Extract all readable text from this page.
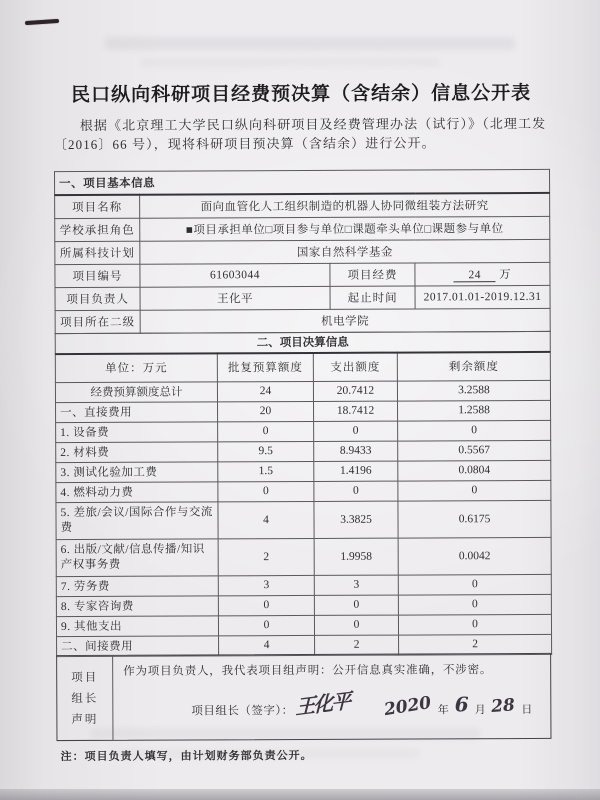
民口纵向科研项目经费预决算（含结余）信息公开表

根据《北京理工大学民口纵向科研项目及经费管理办法（试行）》（北理工发〔2016〕66 号），现将科研项目预决算（含结余）进行公开。

一、项目基本信息			
项目名称	面向血管化人工组织制造的机器人协同微组装方法研究		
学校承担角色	■项目承担单位□项目参与单位□课题牵头单位□课题参与单位		
所属科技计划	国家自然科学基金		
项目编号	61603044	项目经费	24 万
项目负责人	王化平	起止时间	2017.01.01-2019.12.31
项目所在二级	机电学院		
二、项目决算信息			
单位：万元	批复预算额度	支出额度	剩余额度
经费预算额度总计	24	20.7412	3.2588
一、直接费用	20	18.7412	1.2588
1. 设备费	0	0	0
2. 材料费	9.5	8.9433	0.5567
3. 测试化验加工费	1.5	1.4196	0.0804
4. 燃料动力费	0	0	0
5. 差旅/会议/国际合作与交流费	4	3.3825	0.6175
6. 出版/文献/信息传播/知识产权事务费	2	1.9958	0.0042
7. 劳务费	3	3	0
8. 专家咨询费	0	0	0
9. 其他支出	0	0	0
二、间接费用	4	2	2
项目
组长
声明

作为项目负责人，我代表项目组声明：公开信息真实准确，不涉密。

项目组长（签字）： 王化平 2020 年 6 月 28 日

注：项目负责人填写，由计划财务部负责公开。
